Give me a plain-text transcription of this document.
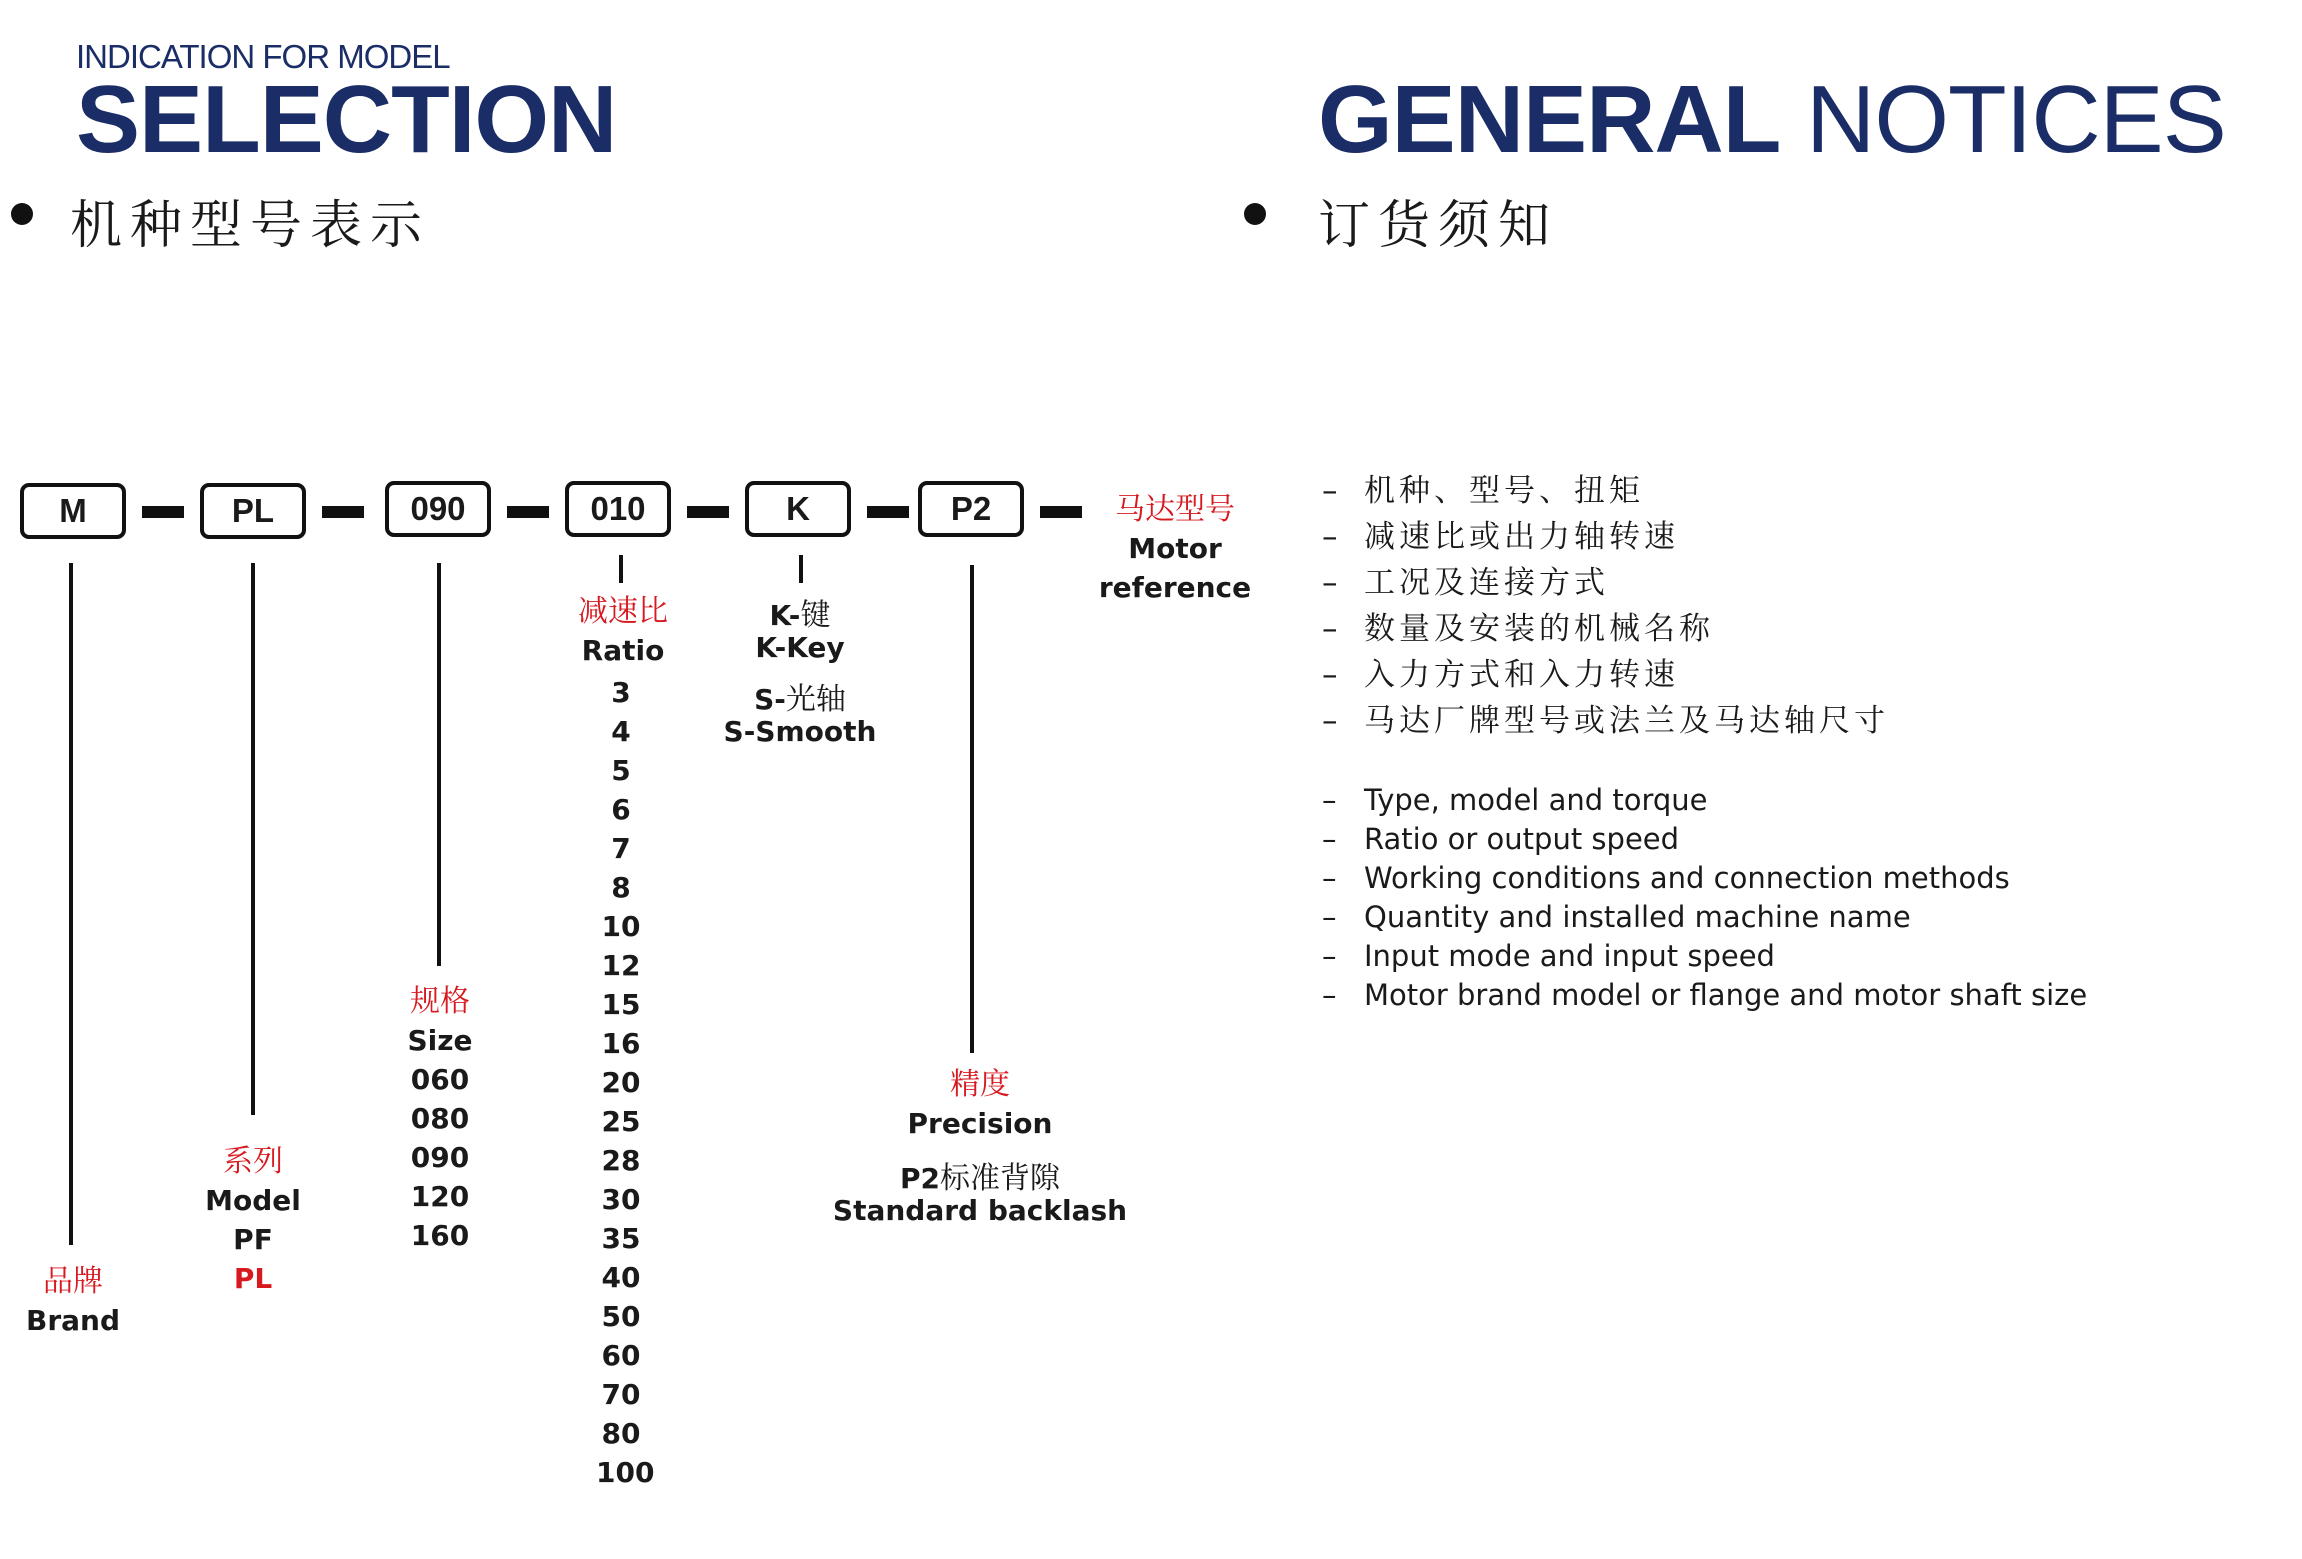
INDICATION FOR MODEL
SELECTION	GENERAL NOTICES
机种型号表示	订货须知
M	PL	090	010	K	P2	马达型号
Motor
reference
品牌
Brand
系列
Model
PF
PL
规格
Size
060
080
090
120
160
减速比
Ratio
3
4
5
6
7
8
10
12
15
16
20
25
28
30
35
40
50
60
70
80
100
K-键
K-Key
S-光轴
S-Smooth
精度
Precision
P2标准背隙
Standard backlash
– 机种、型号、扭矩
– 减速比或出力轴转速
– 工况及连接方式
– 数量及安装的机械名称
– 入力方式和入力转速
– 马达厂牌型号或法兰及马达轴尺寸
– Type, model and torque
– Ratio or output speed
– Working conditions and connection methods
– Quantity and installed machine name
– Input mode and input speed
– Motor brand model or flange and motor shaft size
